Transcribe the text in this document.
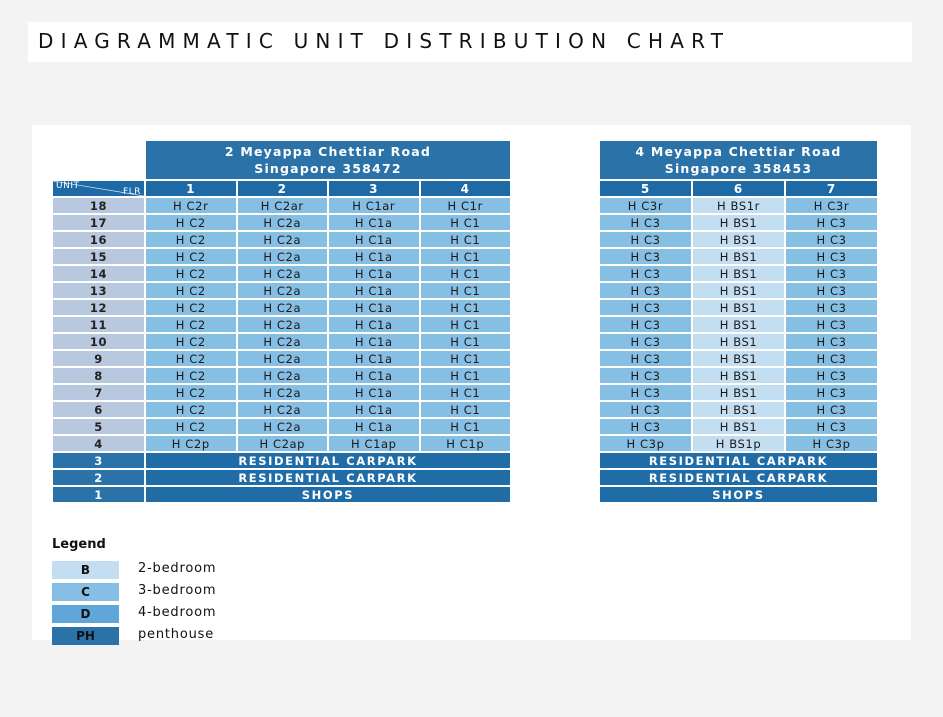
DIAGRAMMATIC UNIT DISTRIBUTION CHART

	2 Meyappa Chettiar Road
Singapore 358472			

UNIT
FLR	1	2	3	4
18	H C2r	H C2ar	H C1ar	H C1r
17	H C2	H C2a	H C1a	H C1
16	H C2	H C2a	H C1a	H C1
15	H C2	H C2a	H C1a	H C1
14	H C2	H C2a	H C1a	H C1
13	H C2	H C2a	H C1a	H C1
12	H C2	H C2a	H C1a	H C1
11	H C2	H C2a	H C1a	H C1
10	H C2	H C2a	H C1a	H C1
9	H C2	H C2a	H C1a	H C1
8	H C2	H C2a	H C1a	H C1
7	H C2	H C2a	H C1a	H C1
6	H C2	H C2a	H C1a	H C1
5	H C2	H C2a	H C1a	H C1
4	H C2p	H C2ap	H C1ap	H C1p
3	RESIDENTIAL CARPARK			
2	RESIDENTIAL CARPARK			
1	SHOPS			
4 Meyappa Chettiar Road
Singapore 358453		

5	6	7
H C3r	H BS1r	H C3r
H C3	H BS1	H C3
H C3	H BS1	H C3
H C3	H BS1	H C3
H C3	H BS1	H C3
H C3	H BS1	H C3
H C3	H BS1	H C3
H C3	H BS1	H C3
H C3	H BS1	H C3
H C3	H BS1	H C3
H C3	H BS1	H C3
H C3	H BS1	H C3
H C3	H BS1	H C3
H C3	H BS1	H C3
H C3p	H BS1p	H C3p
RESIDENTIAL CARPARK		
RESIDENTIAL CARPARK		
SHOPS		
Legend
B	2-bedroom
C	3-bedroom
D	4-bedroom
PH	penthouse
